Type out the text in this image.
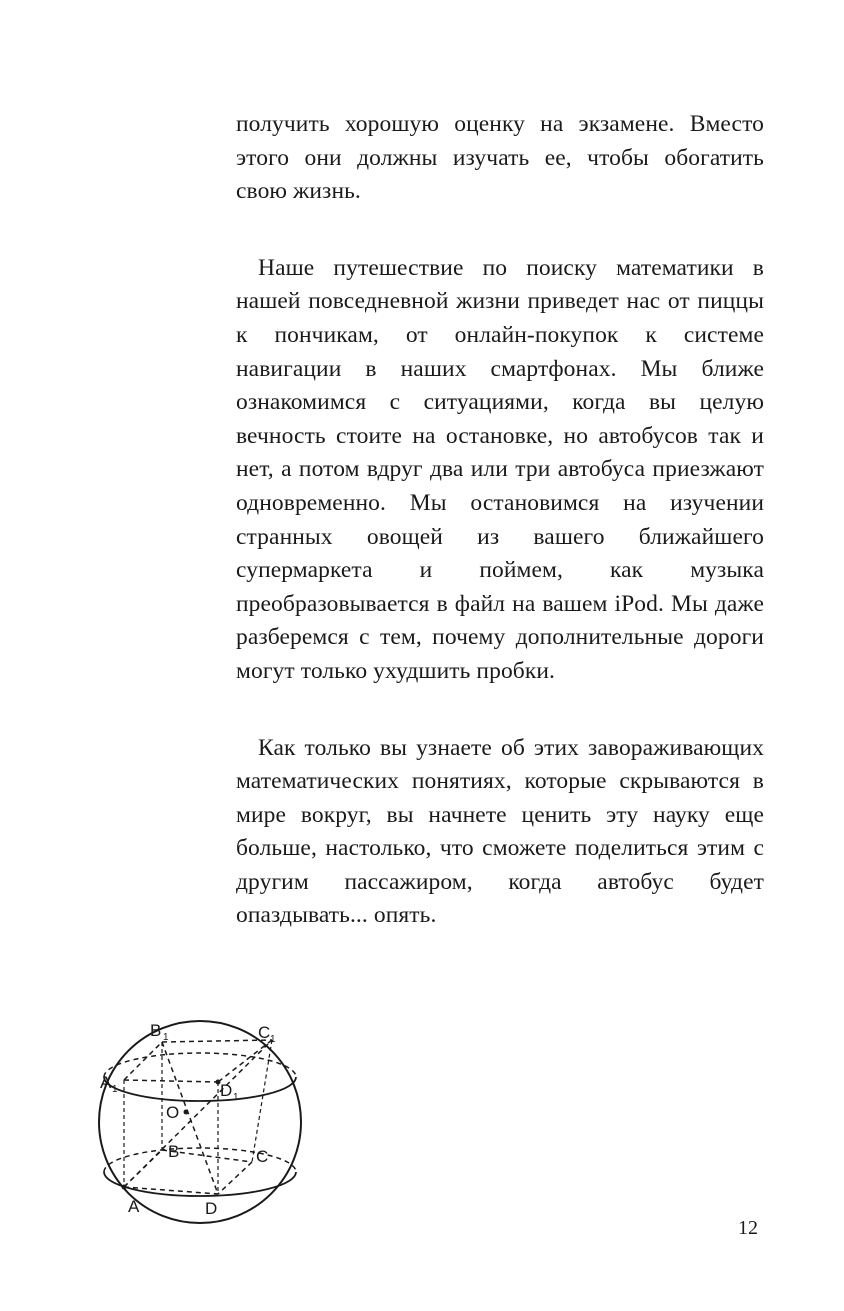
получить хорошую оценку на экзамене. Вместо этого они должны изучать ее, чтобы обогатить свою жизнь.

Наше путешествие по поиску математики в нашей повседневной жизни приведет нас от пиццы к пончикам, от онлайн-покупок к системе навигации в наших смартфонах. Мы ближе ознакомимся с ситуациями, когда вы целую вечность стоите на остановке, но автобусов так и нет, а потом вдруг два или три автобуса приезжают одновременно. Мы остановимся на изучении странных овощей из вашего ближайшего супермаркета и поймем, как музыка преобразовывается в файл на вашем iPod. Мы даже разберемся с тем, почему дополнительные дороги могут только ухудшить пробки.

Как только вы узнаете об этих завораживающих математических понятиях, которые скрываются в мире вокруг, вы начнете ценить эту науку еще больше, настолько, что сможете поделиться этим с другим пассажиром, когда автобус будет опаздывать... опять.

B 1	C 1
A 1	D 1
O
B	C
A	D
12
